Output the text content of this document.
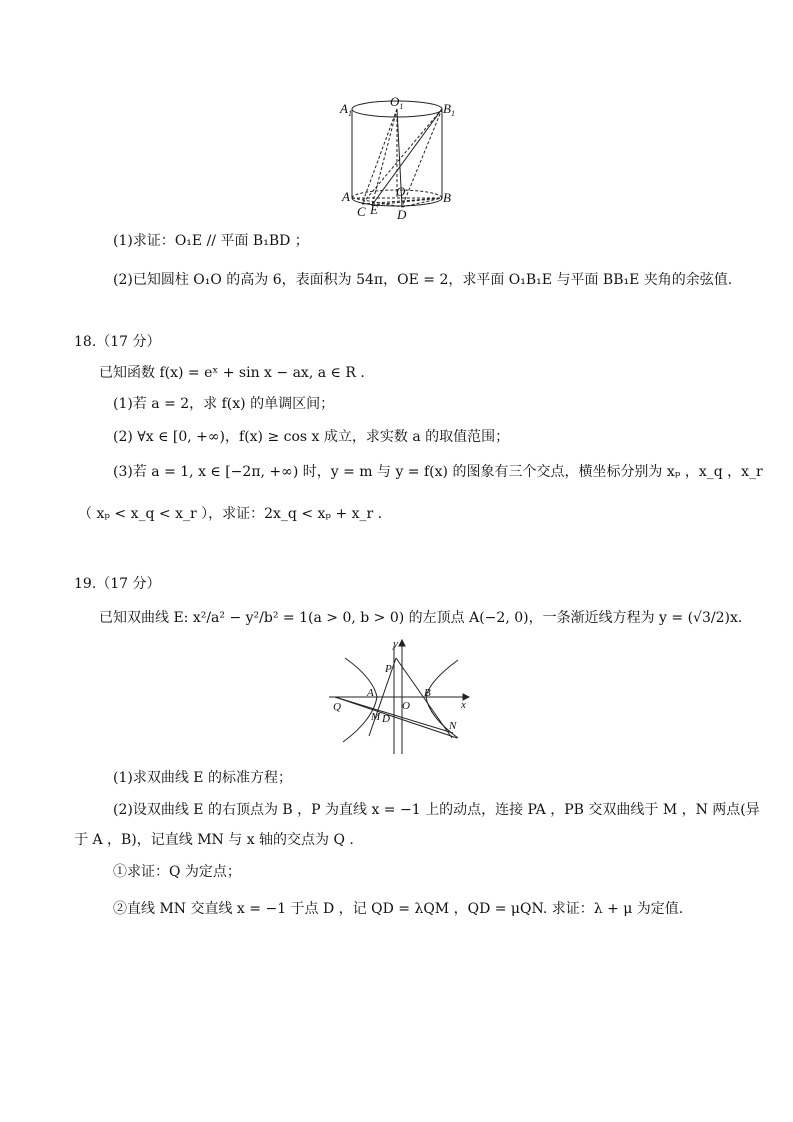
$A_1$
$O_1$	$B_1$
A	O	B
C E D
(1)求证：O₁E // 平面 B₁BD ；
(2)已知圆柱 O₁O 的高为 6，表面积为 54π，OE = 2，求平面 O₁B₁E 与平面 BB₁E 夹角的余弦值.
18.（17 分）
已知函数 f(x) = eˣ + sin x − ax, a ∈ R .
(1)若 a = 2，求 f(x) 的单调区间；
(2) ∀x ∈ [0, +∞)，f(x) ≥ cos x 成立，求实数 a 的取值范围；
(3)若 a = 1, x ∈ [−2π, +∞) 时，y = m 与 y = f(x) 的图象有三个交点，横坐标分别为 xₚ ，x_q ，x_r
（ xₚ < x_q < x_r ），求证：2x_q < xₚ + x_r .
19.（17 分）
已知双曲线 E: x²/a² − y²/b² = 1(a > 0, b > 0) 的左顶点 A(−2, 0)，一条渐近线方程为 y = (√3/2)x.
y
x
P
A	B
O
Q
M D
N
(1)求双曲线 E 的标准方程；
(2)设双曲线 E 的右顶点为 B ，P 为直线 x = −1 上的动点，连接 PA ，PB 交双曲线于 M ，N 两点(异
于 A ，B)，记直线 MN 与 x 轴的交点为 Q .
①求证：Q 为定点；
②直线 MN 交直线 x = −1 于点 D ，记 QD = λQM ，QD = μQN. 求证：λ + μ 为定值.
